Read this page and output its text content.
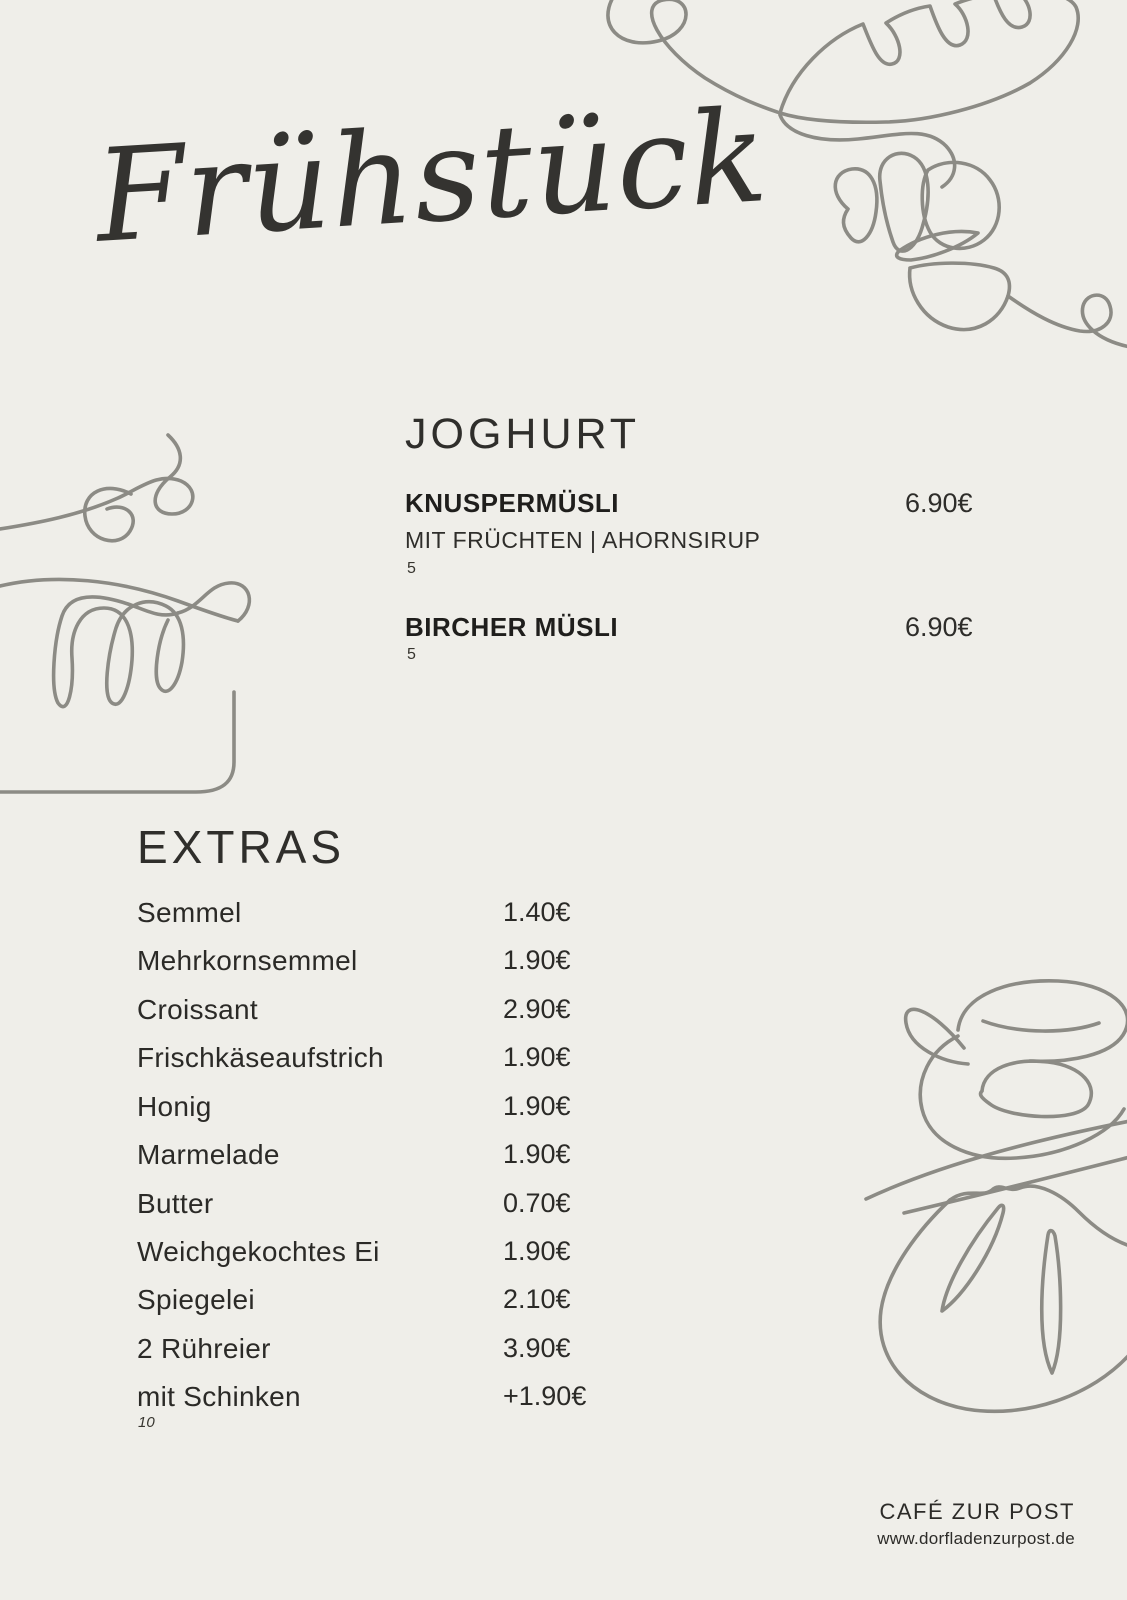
Frühstück
JOGHURT
KNUSPERMÜSLI	6.90€
MIT FRÜCHTEN | AHORNSIRUP
5
BIRCHER MÜSLI	6.90€
5
EXTRAS
Semmel	1.40€
Mehrkornsemmel	1.90€
Croissant	2.90€
Frischkäseaufstrich	1.90€
Honig	1.90€
Marmelade	1.90€
Butter	0.70€
Weichgekochtes Ei	1.90€
Spiegelei	2.10€
2 Rühreier	3.90€
mit Schinken	+1.90€
10

CAFÉ ZUR POST

www.dorfladenzurpost.de
